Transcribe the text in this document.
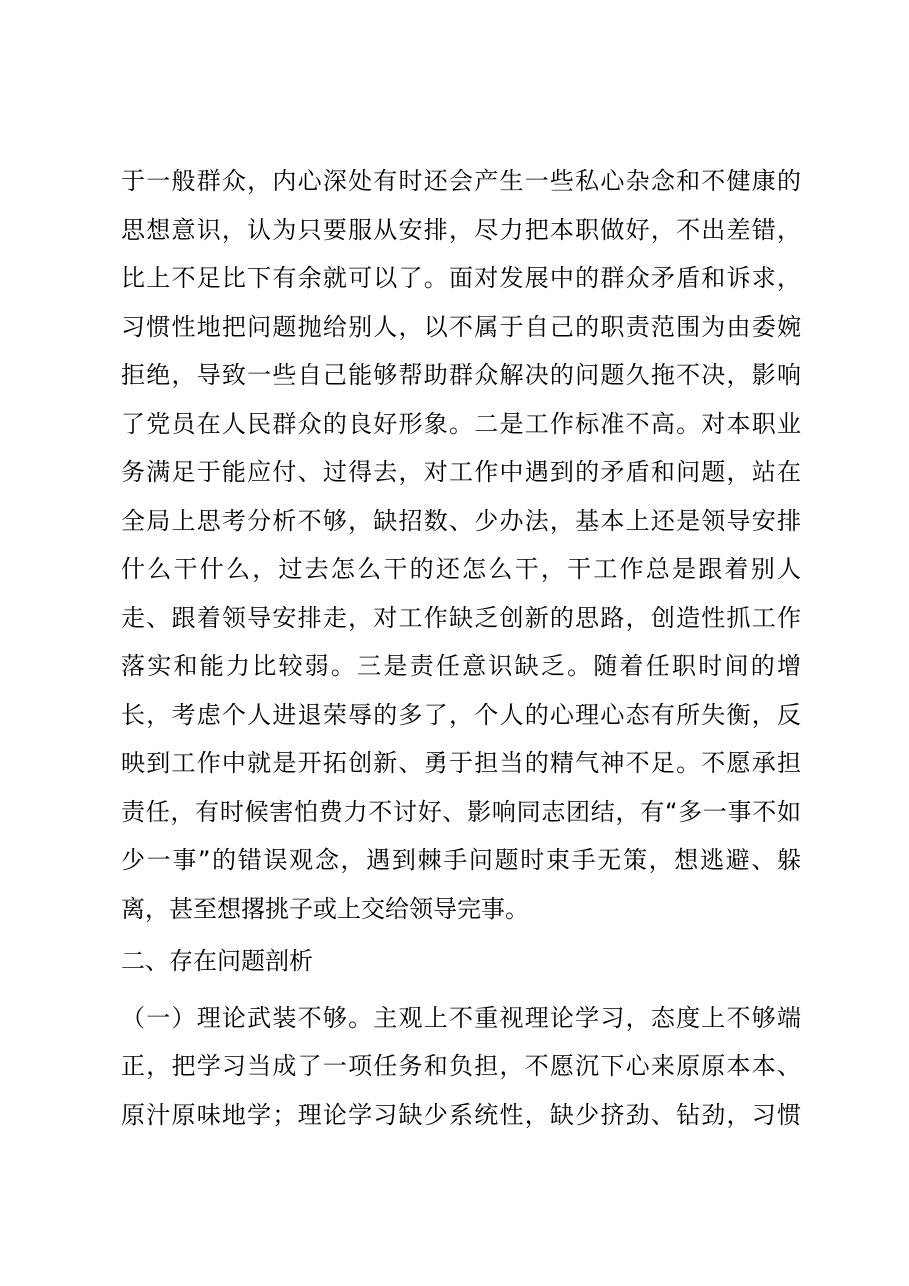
于一般群众，内心深处有时还会产生一些私心杂念和不健康的
思想意识，认为只要服从安排，尽力把本职做好，不出差错，
比上不足比下有余就可以了。面对发展中的群众矛盾和诉求，
习惯性地把问题抛给别人，以不属于自己的职责范围为由委婉
拒绝，导致一些自己能够帮助群众解决的问题久拖不决，影响
了党员在人民群众的良好形象。二是工作标准不高。对本职业
务满足于能应付、过得去，对工作中遇到的矛盾和问题，站在
全局上思考分析不够，缺招数、少办法，基本上还是领导安排
什么干什么，过去怎么干的还怎么干，干工作总是跟着别人
走、跟着领导安排走，对工作缺乏创新的思路，创造性抓工作
落实和能力比较弱。三是责任意识缺乏。随着任职时间的增
长，考虑个人进退荣辱的多了，个人的心理心态有所失衡，反
映到工作中就是开拓创新、勇于担当的精气神不足。不愿承担
责任，有时候害怕费力不讨好、影响同志团结，有“多一事不如
少一事”的错误观念，遇到棘手问题时束手无策，想逃避、躲
离，甚至想撂挑子或上交给领导完事。
二、存在问题剖析
（一）理论武装不够。主观上不重视理论学习，态度上不够端
正，把学习当成了一项任务和负担，不愿沉下心来原原本本、
原汁原味地学；理论学习缺少系统性，缺少挤劲、钻劲，习惯
